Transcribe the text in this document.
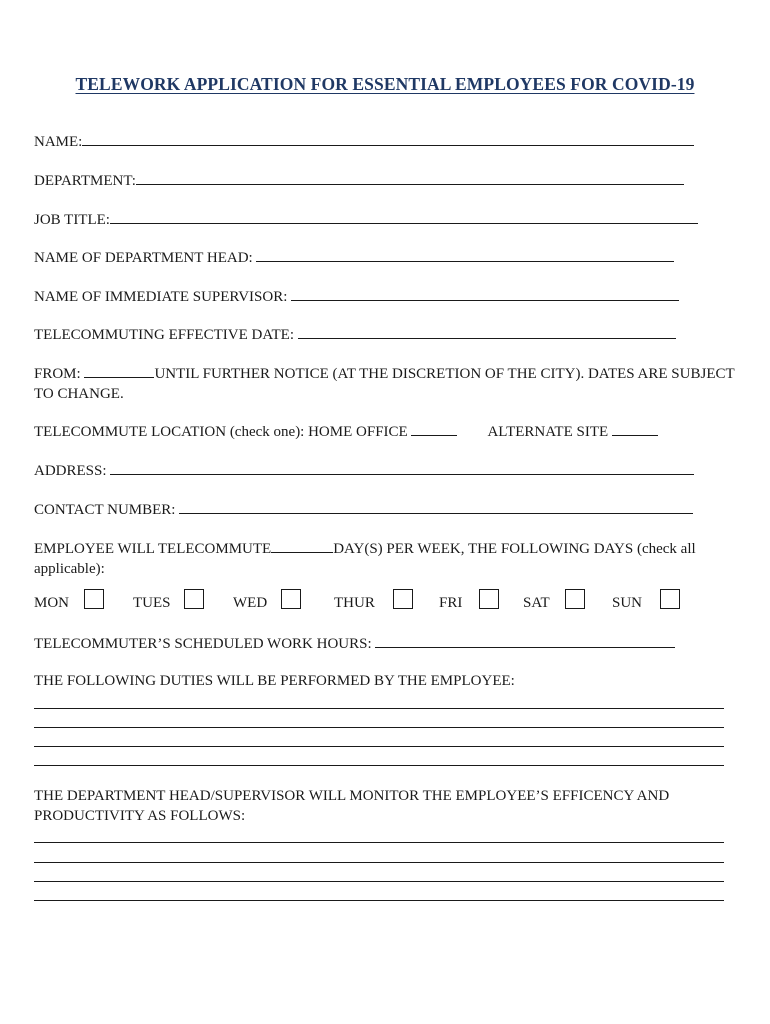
TELEWORK APPLICATION FOR ESSENTIAL EMPLOYEES FOR COVID-19
NAME:
DEPARTMENT:
JOB TITLE:
NAME OF DEPARTMENT HEAD:
NAME OF IMMEDIATE SUPERVISOR:
TELECOMMUTING EFFECTIVE DATE:
FROM:	UNTIL FURTHER NOTICE (AT THE DISCRETION OF THE CITY). DATES ARE SUBJECT TO CHANGE.
TELECOMMUTE LOCATION (check one): HOME OFFICE	ALTERNATE SITE
ADDRESS:
CONTACT NUMBER:
EMPLOYEE WILL TELECOMMUTE	DAY(S) PER WEEK, THE FOLLOWING DAYS (check all applicable):
MON	TUES	WED	THUR	FRI	SAT	SUN
TELECOMMUTER’S SCHEDULED WORK HOURS:
THE FOLLOWING DUTIES WILL BE PERFORMED BY THE EMPLOYEE:
THE DEPARTMENT HEAD/SUPERVISOR WILL MONITOR THE EMPLOYEE’S EFFICENCY AND PRODUCTIVITY AS FOLLOWS:
